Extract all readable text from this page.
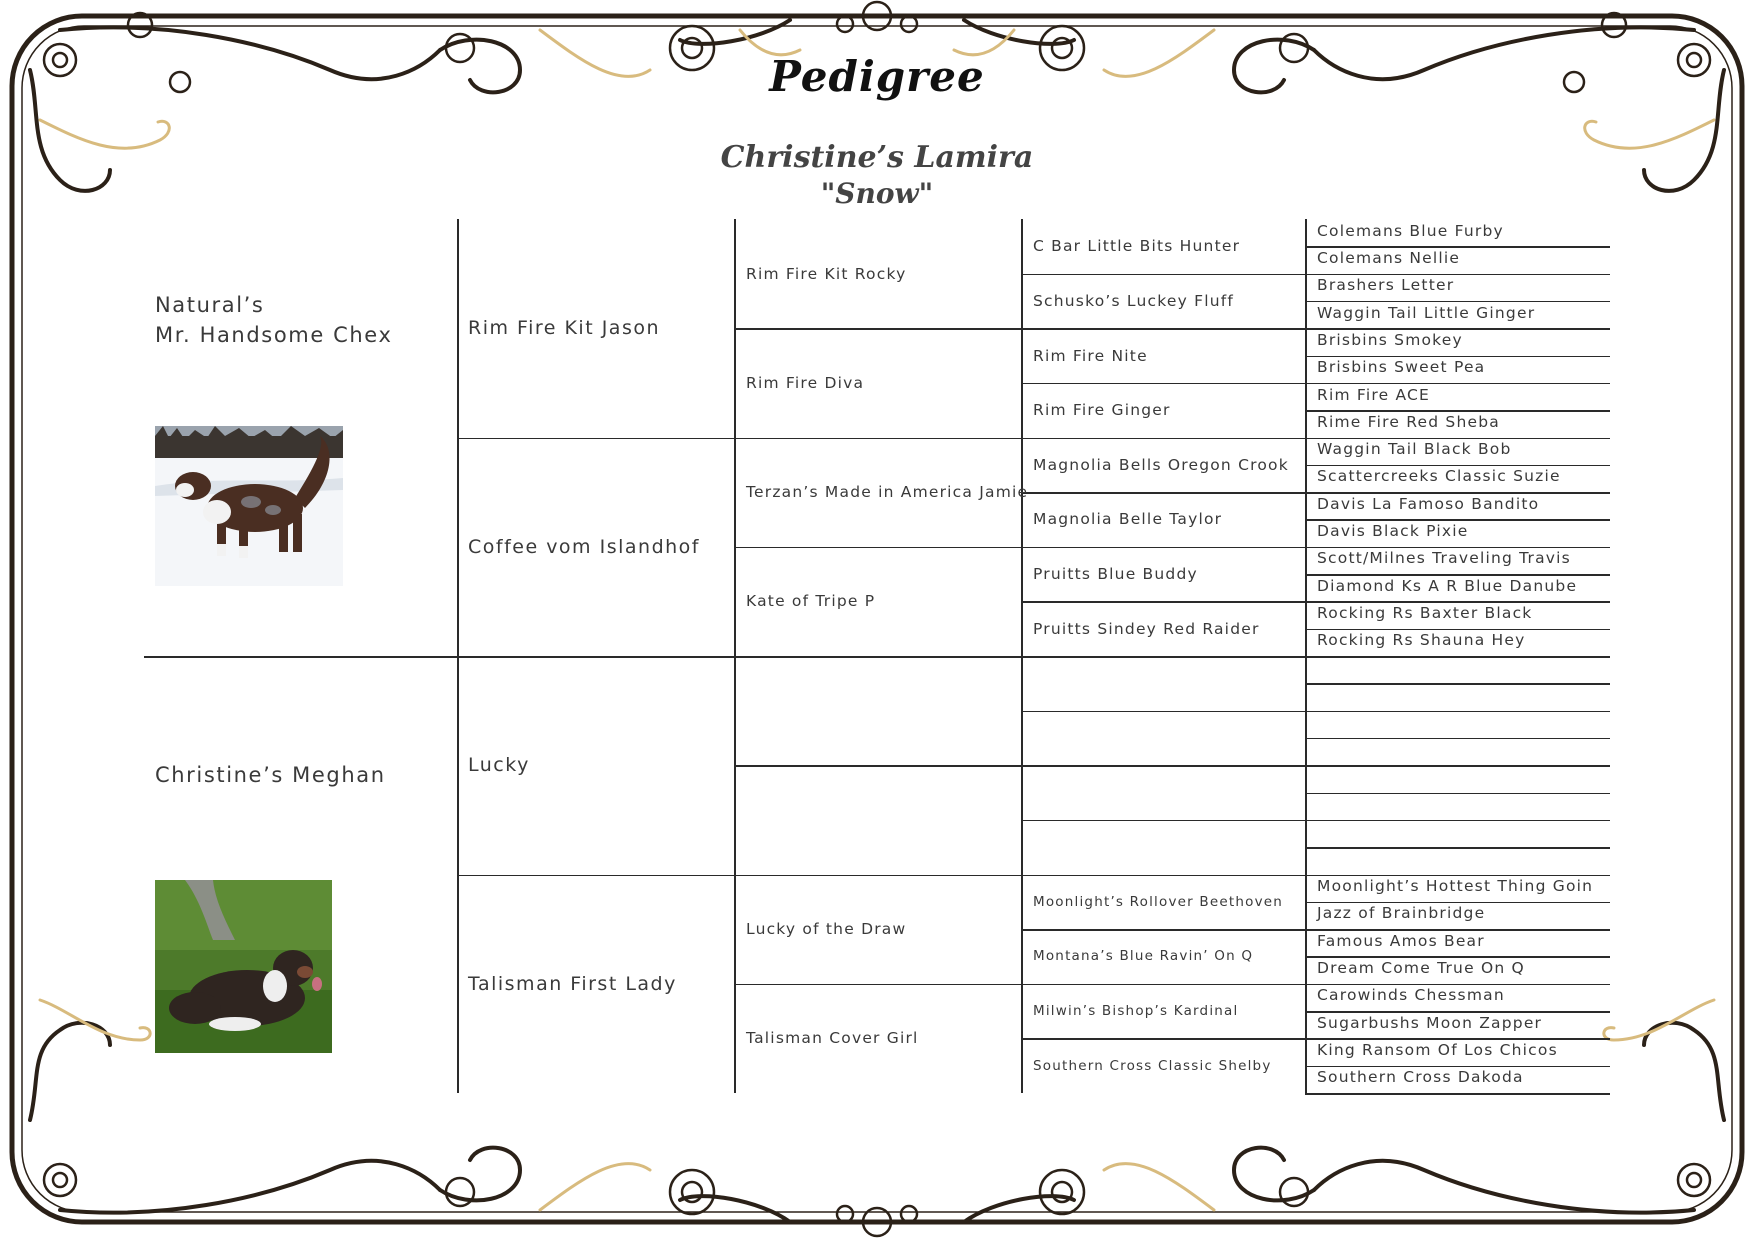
Pedigree
Christine’s Lamira
"Snow"
Natural’s
Mr. Handsome Chex
Christine’s Meghan
Rim Fire Kit Jason
Coffee vom Islandhof
Lucky
Talisman First Lady
Rim Fire Kit Rocky
Rim Fire Diva
Terzan’s Made in America Jamie
Kate of Tripe P
Lucky of the Draw
Talisman Cover Girl
C Bar Little Bits Hunter
Schusko’s Luckey Fluff
Rim Fire Nite
Rim Fire Ginger
Magnolia Bells Oregon Crook
Magnolia Belle Taylor
Pruitts Blue Buddy
Pruitts Sindey Red Raider
Moonlight’s Rollover Beethoven
Montana’s Blue Ravin’ On Q
Milwin’s Bishop’s Kardinal
Southern Cross Classic Shelby
Colemans Blue Furby
Colemans Nellie
Brashers Letter
Waggin Tail Little Ginger
Brisbins Smokey
Brisbins Sweet Pea
Rim Fire ACE
Rime Fire Red Sheba
Waggin Tail Black Bob
Scattercreeks Classic Suzie
Davis La Famoso Bandito
Davis Black Pixie
Scott/Milnes Traveling Travis
Diamond Ks A R Blue Danube
Rocking Rs Baxter Black
Rocking Rs Shauna Hey
Moonlight’s Hottest Thing Goin
Jazz of Brainbridge
Famous Amos Bear
Dream Come True On Q
Carowinds Chessman
Sugarbushs Moon Zapper
King Ransom Of Los Chicos
Southern Cross Dakoda
